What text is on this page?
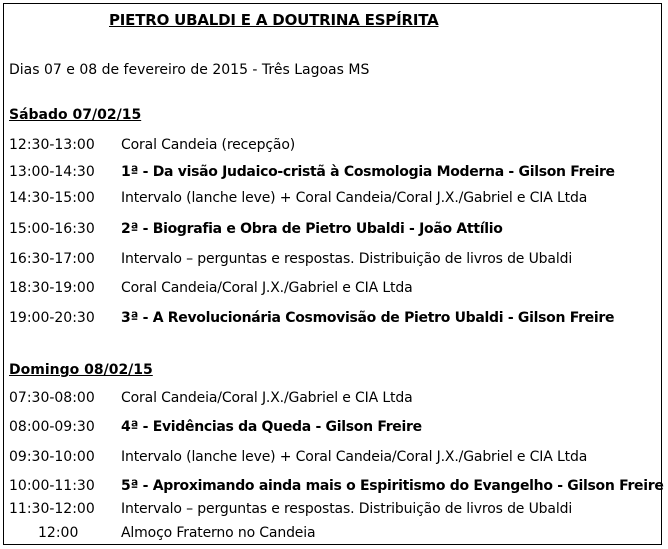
PIETRO UBALDI E A DOUTRINA ESPÍRITA
Dias 07 e 08 de fevereiro de 2015 - Três Lagoas MS
Sábado 07/02/15
12:30-13:00 Coral Candeia (recepção)
13:00-14:30 1ª - Da visão Judaico-cristã à Cosmologia Moderna - Gilson Freire
14:30-15:00 Intervalo (lanche leve) + Coral Candeia/Coral J.X./Gabriel e CIA Ltda
15:00-16:30 2ª - Biografia e Obra de Pietro Ubaldi - João Attílio
16:30-17:00 Intervalo – perguntas e respostas. Distribuição de livros de Ubaldi
18:30-19:00 Coral Candeia/Coral J.X./Gabriel e CIA Ltda
19:00-20:30 3ª - A Revolucionária Cosmovisão de Pietro Ubaldi - Gilson Freire
Domingo 08/02/15
07:30-08:00 Coral Candeia/Coral J.X./Gabriel e CIA Ltda
08:00-09:30 4ª - Evidências da Queda - Gilson Freire
09:30-10:00 Intervalo (lanche leve) + Coral Candeia/Coral J.X./Gabriel e CIA Ltda
10:00-11:30 5ª - Aproximando ainda mais o Espiritismo do Evangelho - Gilson Freire
11:30-12:00 Intervalo – perguntas e respostas. Distribuição de livros de Ubaldi
12:00	Almoço Fraterno no Candeia
